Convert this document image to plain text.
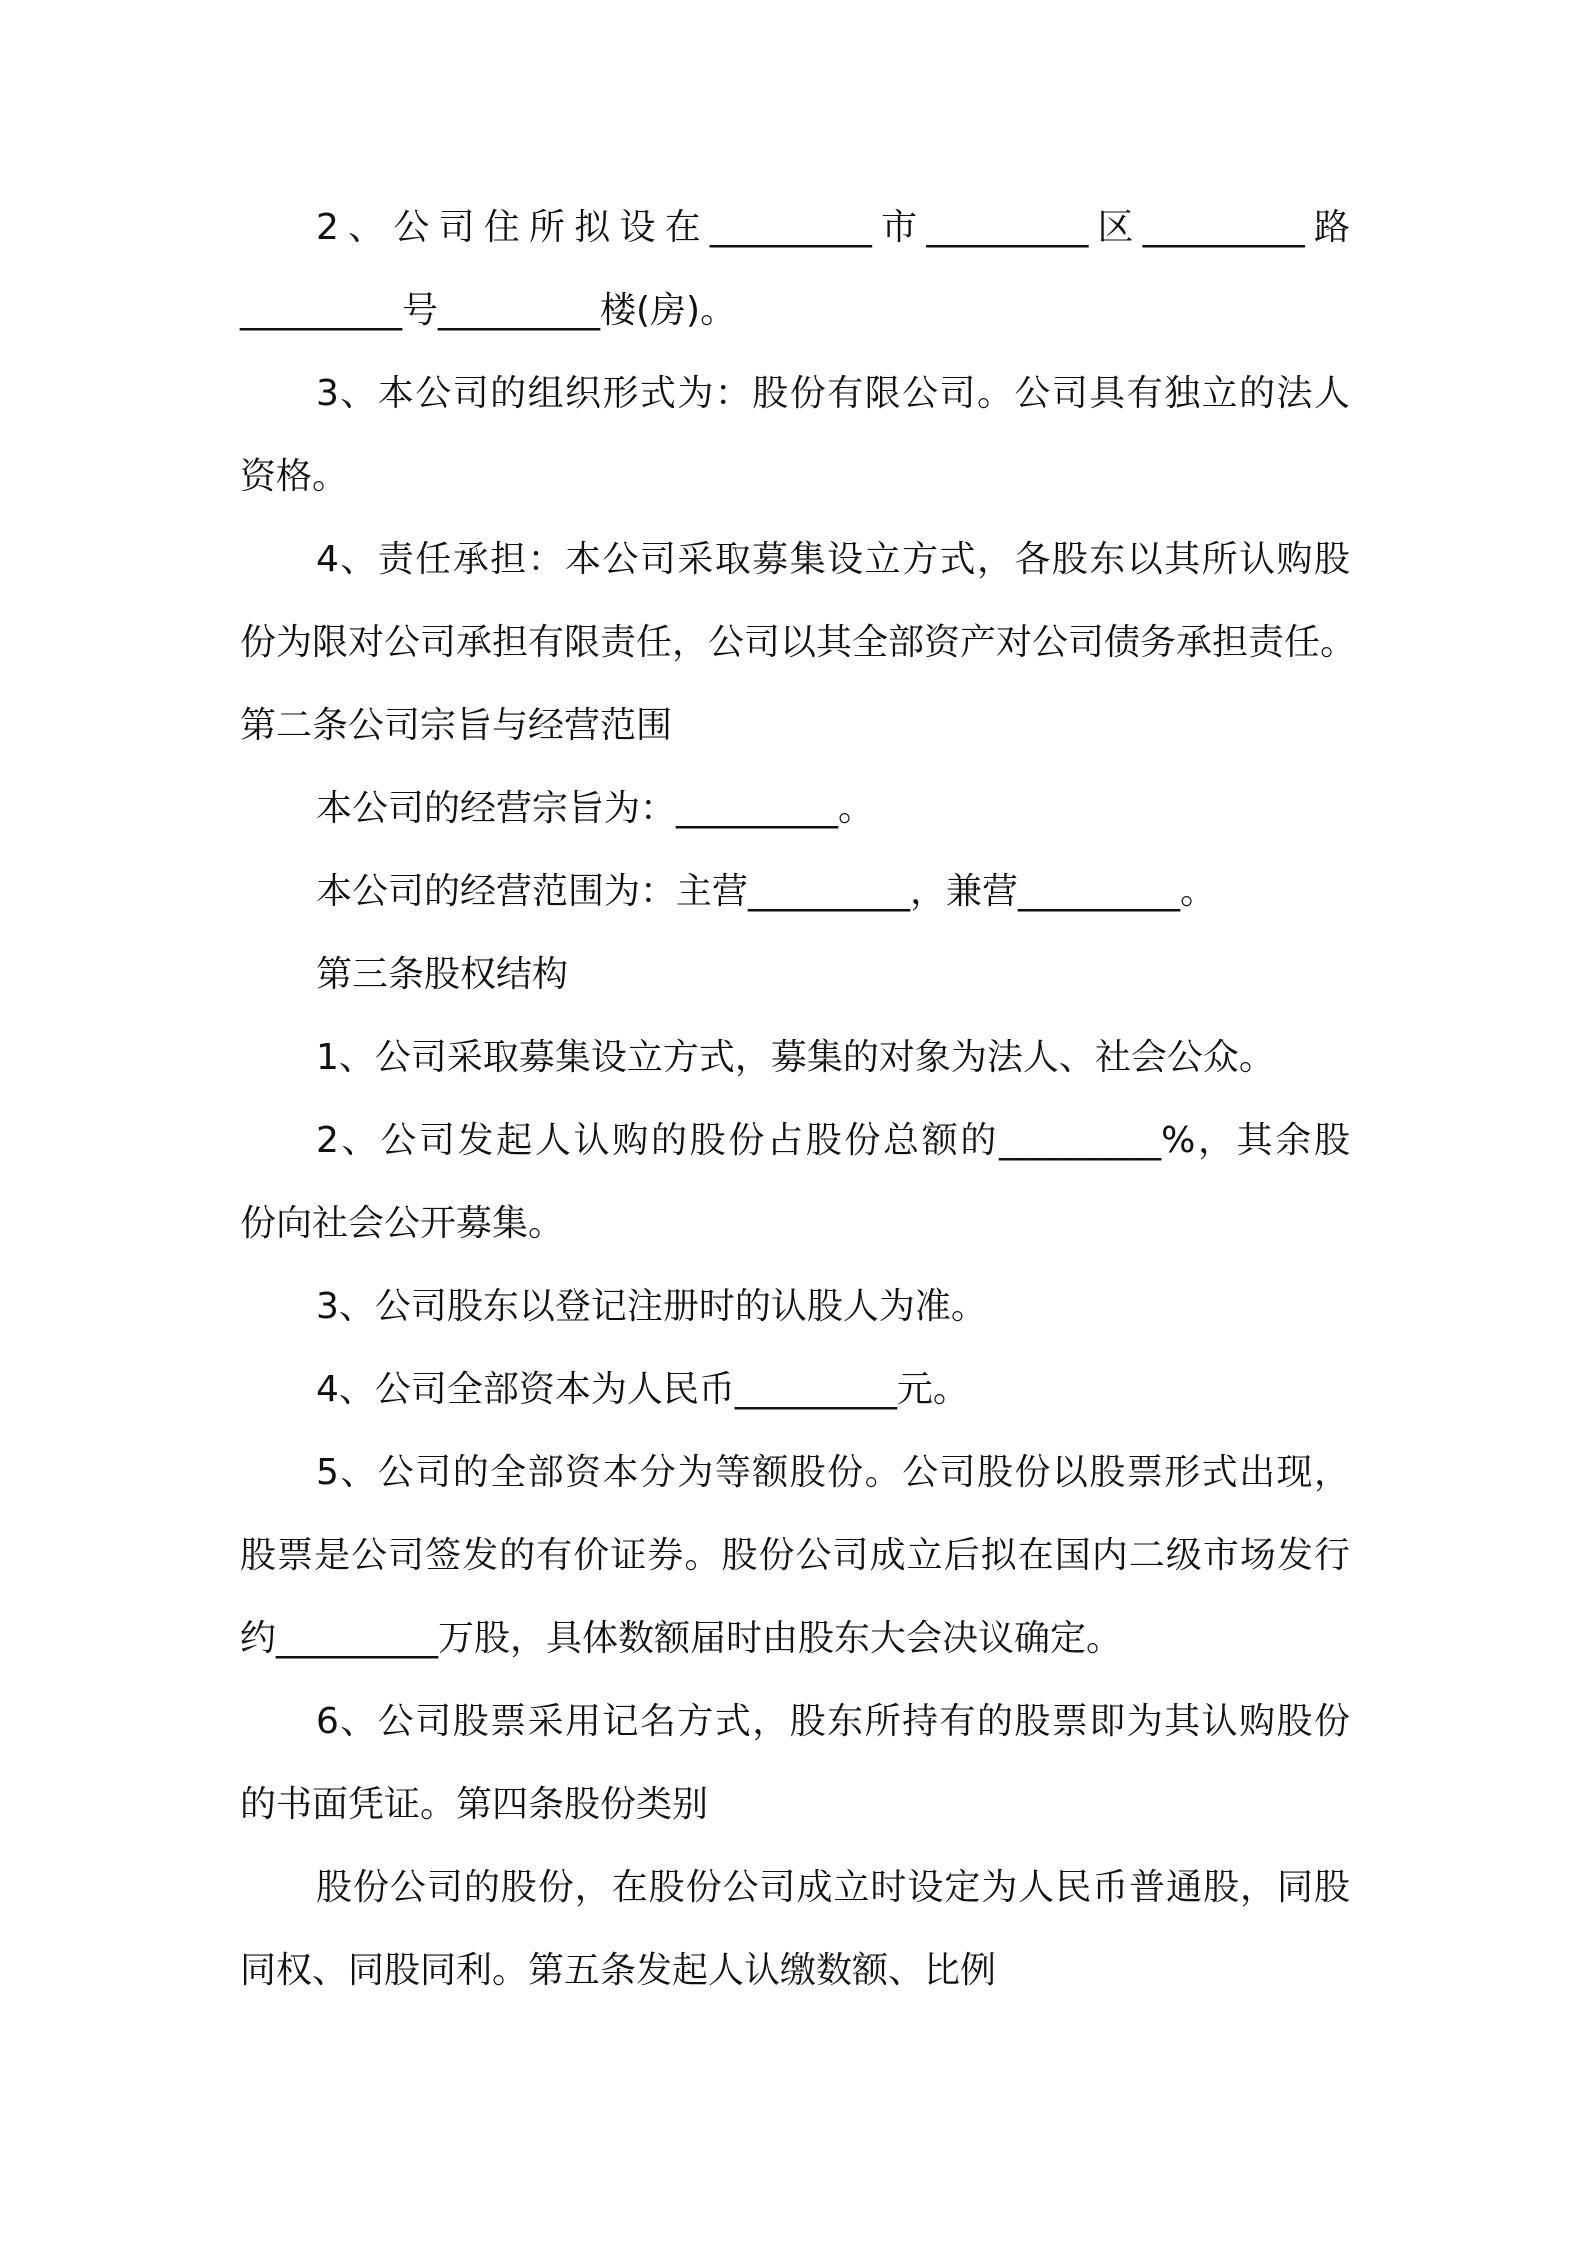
2、公司住所拟设在_________市_________区_________路
_________号_________楼(房)。
3、本公司的组织形式为：股份有限公司。公司具有独立的法人
资格。
4、责任承担：本公司采取募集设立方式，各股东以其所认购股
份为限对公司承担有限责任，公司以其全部资产对公司债务承担责任。
第二条公司宗旨与经营范围
本公司的经营宗旨为：_________。
本公司的经营范围为：主营_________，兼营_________。
第三条股权结构
1、公司采取募集设立方式，募集的对象为法人、社会公众。
2、公司发起人认购的股份占股份总额的_________%，其余股
份向社会公开募集。
3、公司股东以登记注册时的认股人为准。
4、公司全部资本为人民币_________元。
5、公司的全部资本分为等额股份。公司股份以股票形式出现，
股票是公司签发的有价证券。股份公司成立后拟在国内二级市场发行
约_________万股，具体数额届时由股东大会决议确定。
6、公司股票采用记名方式，股东所持有的股票即为其认购股份
的书面凭证。第四条股份类别
股份公司的股份，在股份公司成立时设定为人民币普通股，同股
同权、同股同利。第五条发起人认缴数额、比例
